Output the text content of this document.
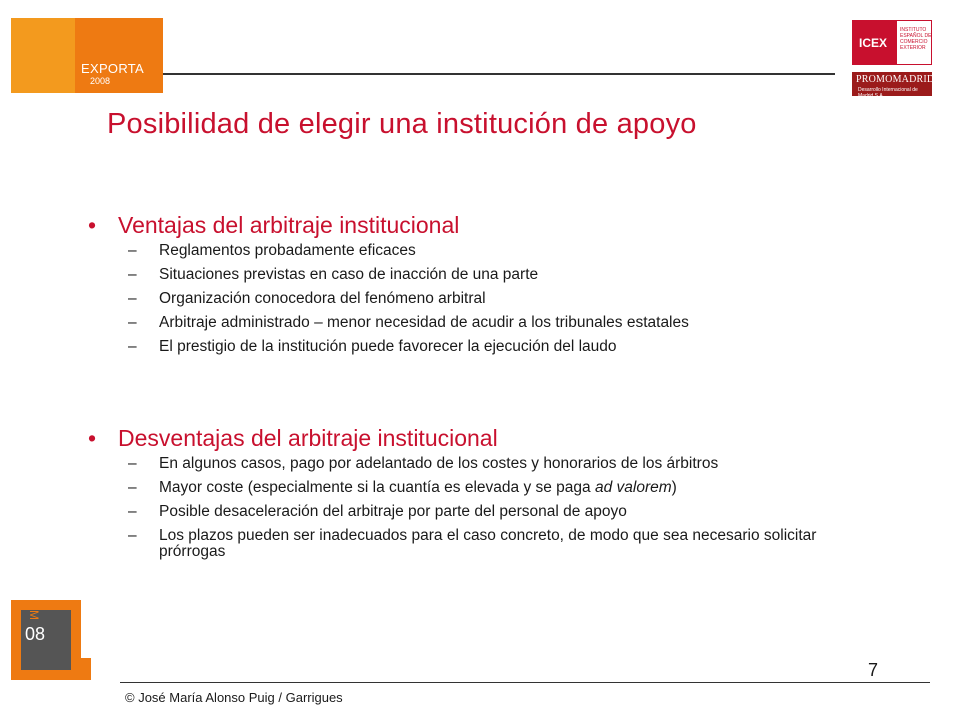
EXPORTA
2008
ICEX
INSTITUTO ESPAÑOL DE COMERCIO EXTERIOR
PROMOMADRID
Desarrollo Internacional de Madrid S.A.
Posibilidad de elegir una institución de apoyo
• Ventajas del arbitraje institucional
– Reglamentos probadamente eficaces
– Situaciones previstas en caso de inacción de una parte
– Organización conocedora del fenómeno arbitral
– Arbitraje administrado – menor necesidad de acudir a los tribunales estatales
– El prestigio de la institución puede favorecer la ejecución del laudo
• Desventajas del arbitraje institucional
– En algunos casos, pago por adelantado de los costes y honorarios de los árbitros
– Mayor coste (especialmente si la cuantía es elevada y se paga ad valorem)
– Posible desaceleración del arbitraje por parte del personal de apoyo
– Los plazos pueden ser inadecuados para el caso concreto, de modo que sea necesario solicitar prórrogas
M
08
7
© José María Alonso Puig / Garrigues
